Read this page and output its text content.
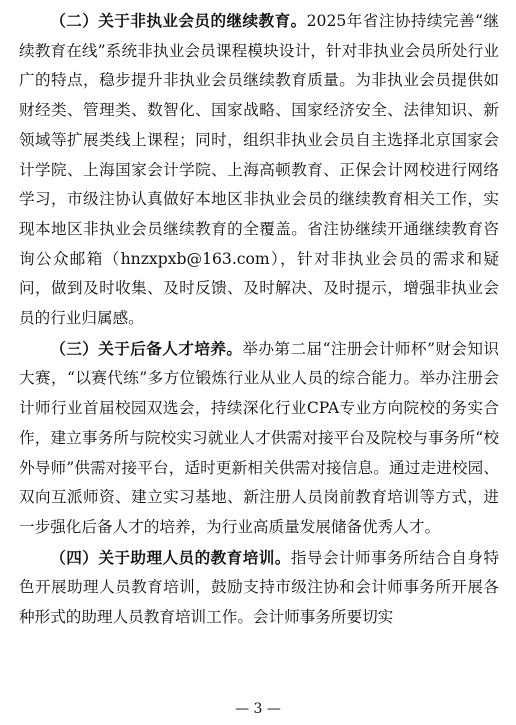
（二）关于非执业会员的继续教育。2025年省注协持续完善“继续教育在线”系统非执业会员课程模块设计，针对非执业会员所处行业广的特点，稳步提升非执业会员继续教育质量。为非执业会员提供如财经类、管理类、数智化、国家战略、国家经济安全、法律知识、新领域等扩展类线上课程；同时，组织非执业会员自主选择北京国家会计学院、上海国家会计学院、上海高顿教育、正保会计网校进行网络学习，市级注协认真做好本地区非执业会员的继续教育相关工作，实现本地区非执业会员继续教育的全覆盖。省注协继续开通继续教育咨询公众邮箱（hnzxpxb@163.com），针对非执业会员的需求和疑问，做到及时收集、及时反馈、及时解决、及时提示，增强非执业会员的行业归属感。

（三）关于后备人才培养。举办第二届“注册会计师杯”财会知识大赛，“以赛代练”多方位锻炼行业从业人员的综合能力。举办注册会计师行业首届校园双选会，持续深化行业CPA专业方向院校的务实合作，建立事务所与院校实习就业人才供需对接平台及院校与事务所“校外导师”供需对接平台，适时更新相关供需对接信息。通过走进校园、双向互派师资、建立实习基地、新注册人员岗前教育培训等方式，进一步强化后备人才的培养，为行业高质量发展储备优秀人才。

（四）关于助理人员的教育培训。指导会计师事务所结合自身特色开展助理人员教育培训，鼓励支持市级注协和会计师事务所开展各种形式的助理人员教育培训工作。会计师事务所要切实

— 3 —
